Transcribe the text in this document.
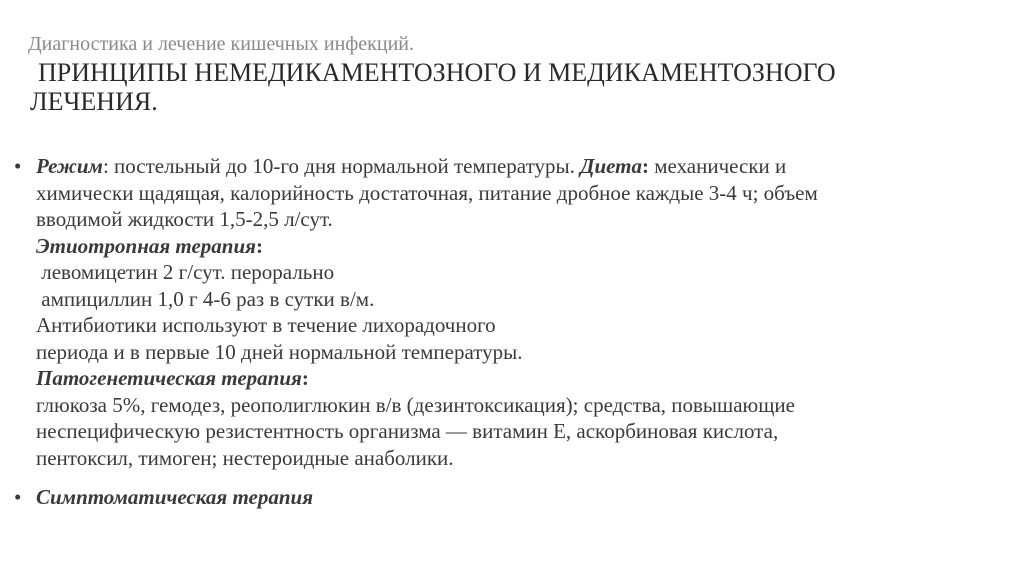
Диагностика и лечение кишечных инфекций.
ПРИНЦИПЫ НЕМЕДИКАМЕНТОЗНОГО И МЕДИКАМЕНТОЗНОГО
ЛЕЧЕНИЯ.
• Режим: постельный до 10-го дня нормальной температуры. Диета: механически и
химически щадящая, калорийность достаточная, питание дробное каждые 3-4 ч; объем
вводимой жидкости 1,5-2,5 л/сут.
Этиотропная терапия:
левомицетин 2 г/сут. перорально
ампициллин 1,0 г 4-6 раз в сутки в/м.
Антибиотики используют в течение лихорадочного
периода и в первые 10 дней нормальной температуры.
Патогенетическая терапия:
глюкоза 5%, гемодез, реополиглюкин в/в (дезинтоксикация); средства, повышающие
неспецифическую резистентность организма — витамин Е, аскорбиновая кислота,
пентоксил, тимоген; нестероидные анаболики.
• Симптоматическая терапия
